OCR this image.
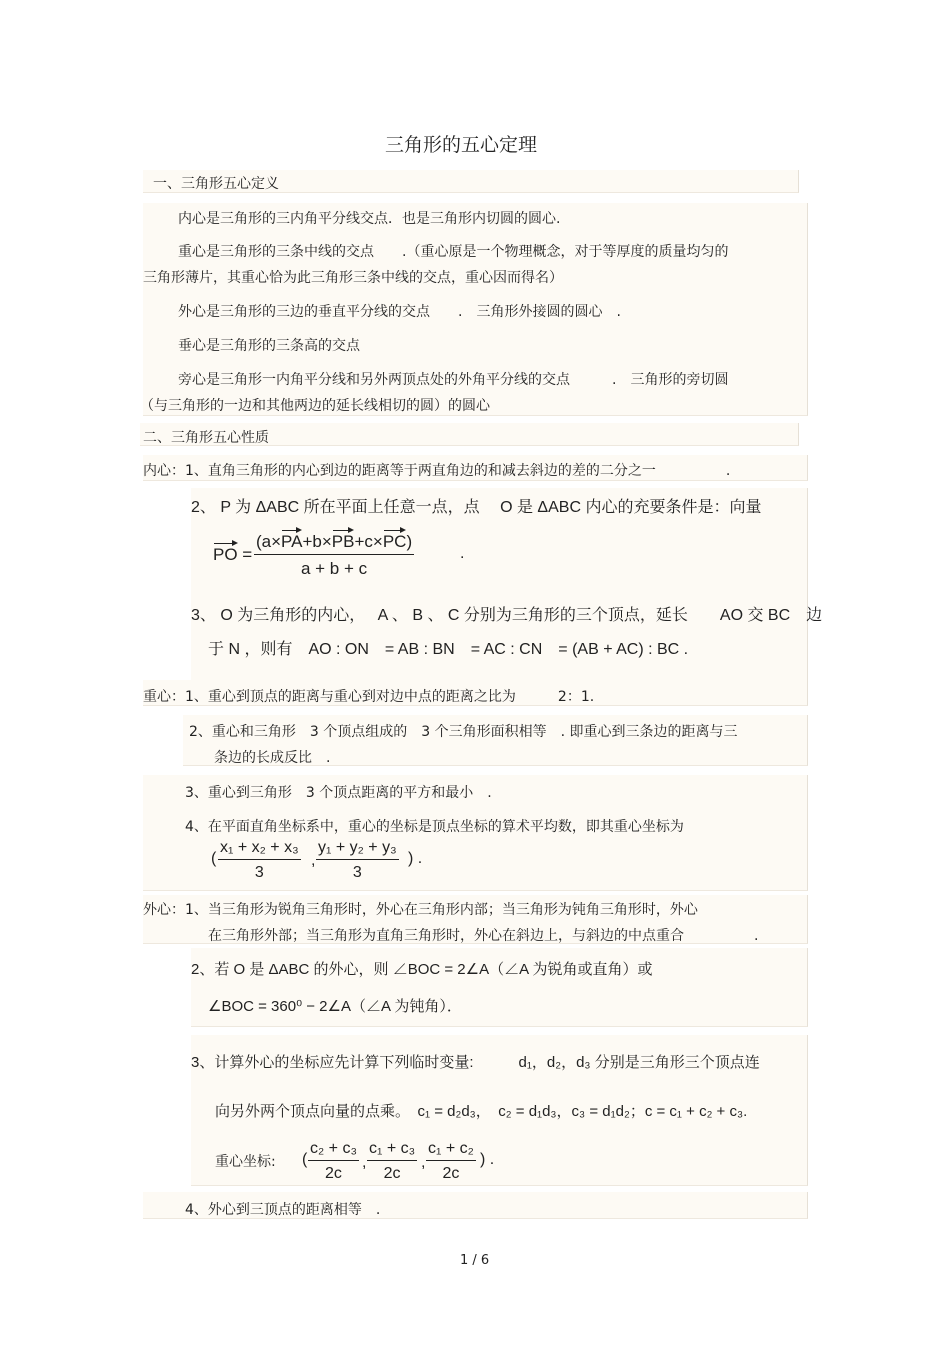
三角形的五心定理
一、三角形五心定义
内心是三角形的三内角平分线交点．也是三角形内切圆的圆心.
重心是三角形的三条中线的交点　　.（重心原是一个物理概念，对于等厚度的质量均匀的
三角形薄片，其重心恰为此三角形三条中线的交点，重心因而得名）
外心是三角形的三边的垂直平分线的交点　　.　三角形外接圆的圆心　.
垂心是三角形的三条高的交点
旁心是三角形一内角平分线和另外两顶点处的外角平分线的交点　　　.　三角形的旁切圆
（与三角形的一边和其他两边的延长线相切的圆）的圆心
二、三角形五心性质
内心：1、直角三角形的内心到边的距离等于两直角边的和减去斜边的差的二分之一　　　　　.
2、 P 为 ΔABC 所在平面上任意一点，点　 O 是 ΔABC 内心的充要条件是：向量
PO = $\frac{(a\times PA+b\times PB+c\times PC)}{a + b + c}$	.
3、 O 为三角形的内心，　 A 、 B 、 C 分别为三角形的三个顶点，延长　　AO 交 BC　边
于 N ，则有　AO : ON　= AB : BN　= AC : CN　= (AB + AC) : BC .
重心：1、重心到顶点的距离与重心到对边中点的距离之比为　　　2：1.
2、重心和三角形　3 个顶点组成的　3 个三角形面积相等　. 即重心到三条边的距离与三
条边的长成反比　.
3、重心到三角形　3 个顶点距离的平方和最小　.
4、在平面直角坐标系中，重心的坐标是顶点坐标的算术平均数，即其重心坐标为
( $\frac{\text{x₁ + x₂ + x₃}}{3}$ , $\frac{\text{y₁ + y₂ + y₃}}{3}$ ) .
外心：1、当三角形为锐角三角形时，外心在三角形内部；当三角形为钝角三角形时，外心
在三角形外部；当三角形为直角三角形时，外心在斜边上，与斜边的中点重合　　　　　.
2、若 O 是 ΔABC 的外心，则 ∠BOC = 2∠A（∠A 为锐角或直角）或
∠BOC = 360⁰ − 2∠A（∠A 为钝角）．
3、计算外心的坐标应先计算下列临时变量:　　　d₁，d₂，d₃ 分别是三角形三个顶点连
向另外两个顶点向量的点乘。　c₁ = d₂d₃，　c₂ = d₁d₃，c₃ = d₁d₂；c = c₁ + c₂ + c₃.
重心坐标: ( $\frac{\text{c₂ + c₃}}{2c}$ , $\frac{\text{c₁ + c₃}}{2c}$ , $\frac{\text{c₁ + c₂}}{2c}$ ) .
4、外心到三顶点的距离相等　.
1 / 6
